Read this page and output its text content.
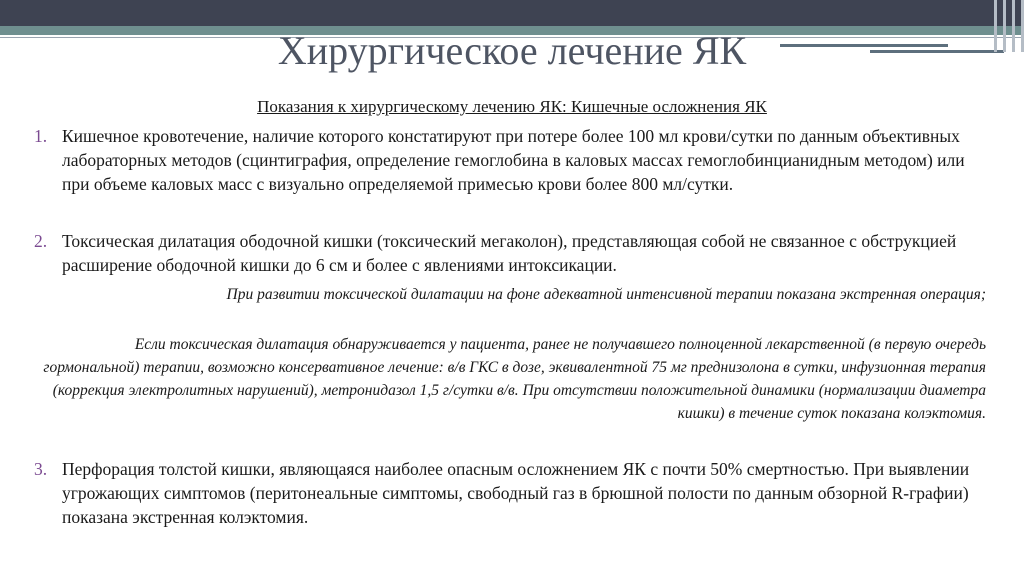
Хирургическое лечение ЯК
Показания к хирургическому лечению ЯК: Кишечные осложнения ЯК
1. Кишечное кровотечение, наличие которого констатируют при потере более 100 мл крови/сутки по данным объективных лабораторных методов (сцинтиграфия, определение гемоглобина в каловых массах гемоглобинцианидным методом) или при объеме каловых масс с визуально определяемой примесью крови более 800 мл/сутки.
2. Токсическая дилатация ободочной кишки (токсический мегаколон), представляющая собой не связанное с обструкцией расширение ободочной кишки до 6 см и более с явлениями интоксикации.
При развитии токсической дилатации на фоне адекватной интенсивной терапии показана экстренная операция;
Если токсическая дилатация обнаруживается у пациента, ранее не получавшего полноценной лекарственной (в первую очередь гормональной) терапии, возможно консервативное лечение: в/в ГКС в дозе, эквивалентной 75 мг преднизолона в сутки, инфузионная терапия (коррекция электролитных нарушений), метронидазол 1,5 г/сутки в/в. При отсутствии положительной динамики (нормализации диаметра кишки) в течение суток показана колэктомия.
3. Перфорация толстой кишки, являющаяся наиболее опасным осложнением ЯК с почти 50% смертностью. При выявлении угрожающих симптомов (перитонеальные симптомы, свободный газ в брюшной полости по данным обзорной R-графии) показана экстренная колэктомия.
